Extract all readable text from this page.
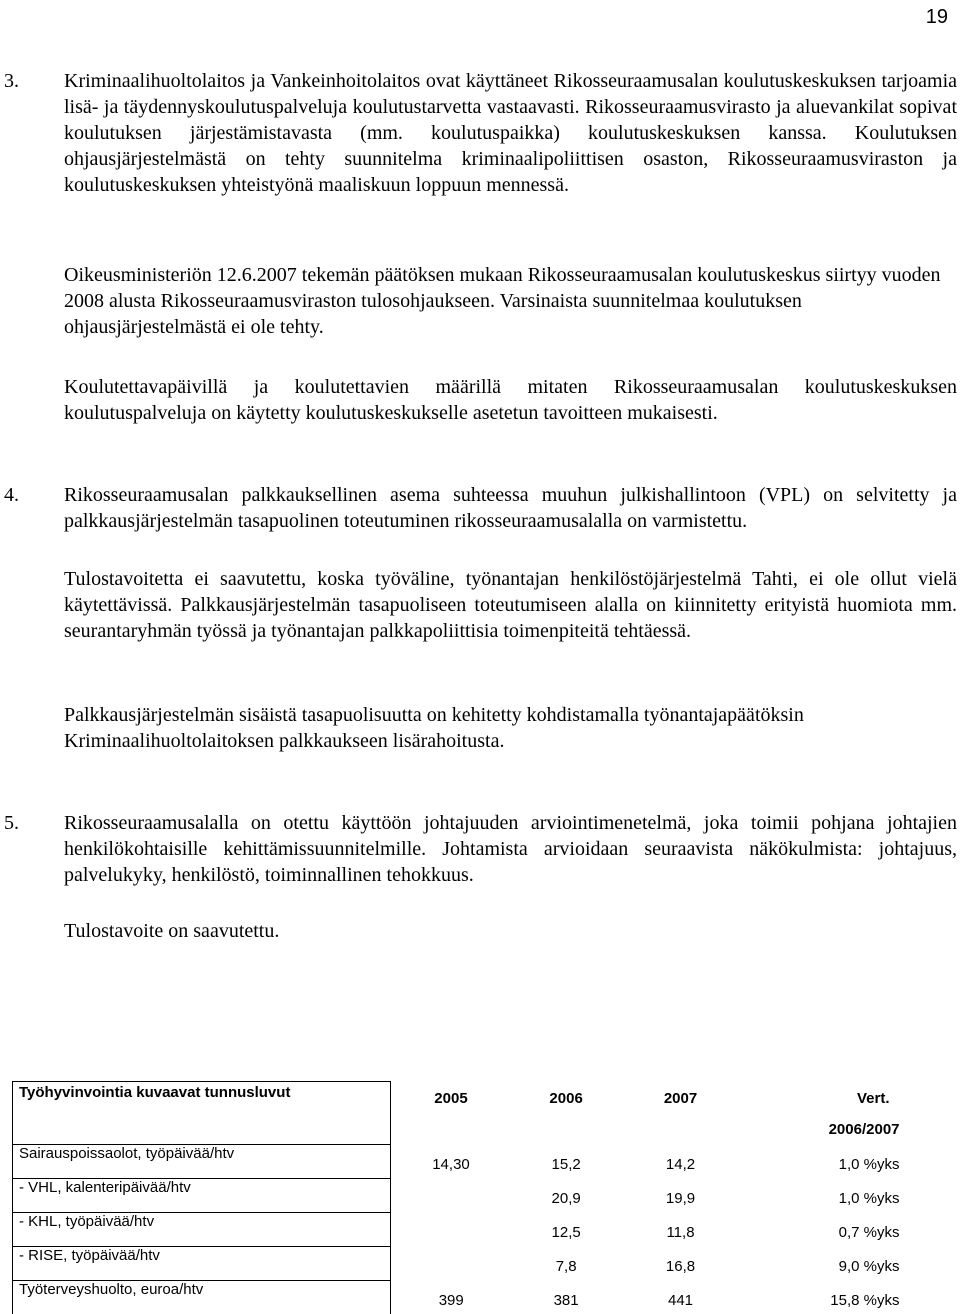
19
3. Kriminaalihuoltolaitos ja Vankeinhoitolaitos ovat käyttäneet Rikosseuraamusalan koulutuskeskuksen tarjoamia lisä- ja täydennyskoulutuspalveluja koulutustarvetta vastaavasti. Rikosseuraamusvirasto ja aluevankilat sopivat koulutuksen järjestämistavasta (mm. koulutuspaikka) koulutuskeskuksen kanssa. Koulutuksen ohjausjärjestelmästä on tehty suunnitelma kriminaalipoliittisen osaston, Rikosseuraamusviraston ja koulutuskeskuksen yhteistyönä maaliskuun loppuun mennessä.
Oikeusministeriön 12.6.2007 tekemän päätöksen mukaan Rikosseuraamusalan koulutuskeskus siirtyy vuoden 2008 alusta Rikosseuraamusviraston tulosohjaukseen. Varsinaista suunnitelmaa koulutuksen ohjausjärjestelmästä ei ole tehty.
Koulutettavapäivillä ja koulutettavien määrillä mitaten Rikosseuraamusalan koulutuskeskuksen koulutuspalveluja on käytetty koulutuskeskukselle asetetun tavoitteen mukaisesti.
4. Rikosseuraamusalan palkkauksellinen asema suhteessa muuhun julkishallintoon (VPL) on selvitetty ja palkkausjärjestelmän tasapuolinen toteutuminen rikosseuraamusalalla on varmistettu.
Tulostavoitetta ei saavutettu, koska työväline, työnantajan henkilöstöjärjestelmä Tahti, ei ole ollut vielä käytettävissä. Palkkausjärjestelmän tasapuoliseen toteutumiseen alalla on kiinnitetty erityistä huomiota mm. seurantaryhmän työssä ja työnantajan palkkapoliittisia toimenpiteitä tehtäessä.
Palkkausjärjestelmän sisäistä tasapuolisuutta on kehitetty kohdistamalla työnantajapäätöksin Kriminaalihuoltolaitoksen palkkaukseen lisärahoitusta.
5. Rikosseuraamusalalla on otettu käyttöön johtajuuden arviointimenetelmä, joka toimii pohjana johtajien henkilökohtaisille kehittämissuunnitelmille. Johtamista arvioidaan seuraavista näkökulmista: johtajuus, palvelukyky, henkilöstö, toiminnallinen tehokkuus.
Tulostavoite on saavutettu.
Työhyvinvointia kuvaavat tunnusluvut	2005	2006	2007	Vert.
				2006/2007
Sairauspoissaolot, työpäivää/htv	14,30	15,2	14,2	1,0 %yks
- VHL, kalenteripäivää/htv		20,9	19,9	1,0 %yks
- KHL, työpäivää/htv		12,5	11,8	0,7 %yks
- RISE, työpäivää/htv		7,8	16,8	9,0 %yks
Työterveyshuolto, euroa/htv	399	381	441	15,8 %yks
